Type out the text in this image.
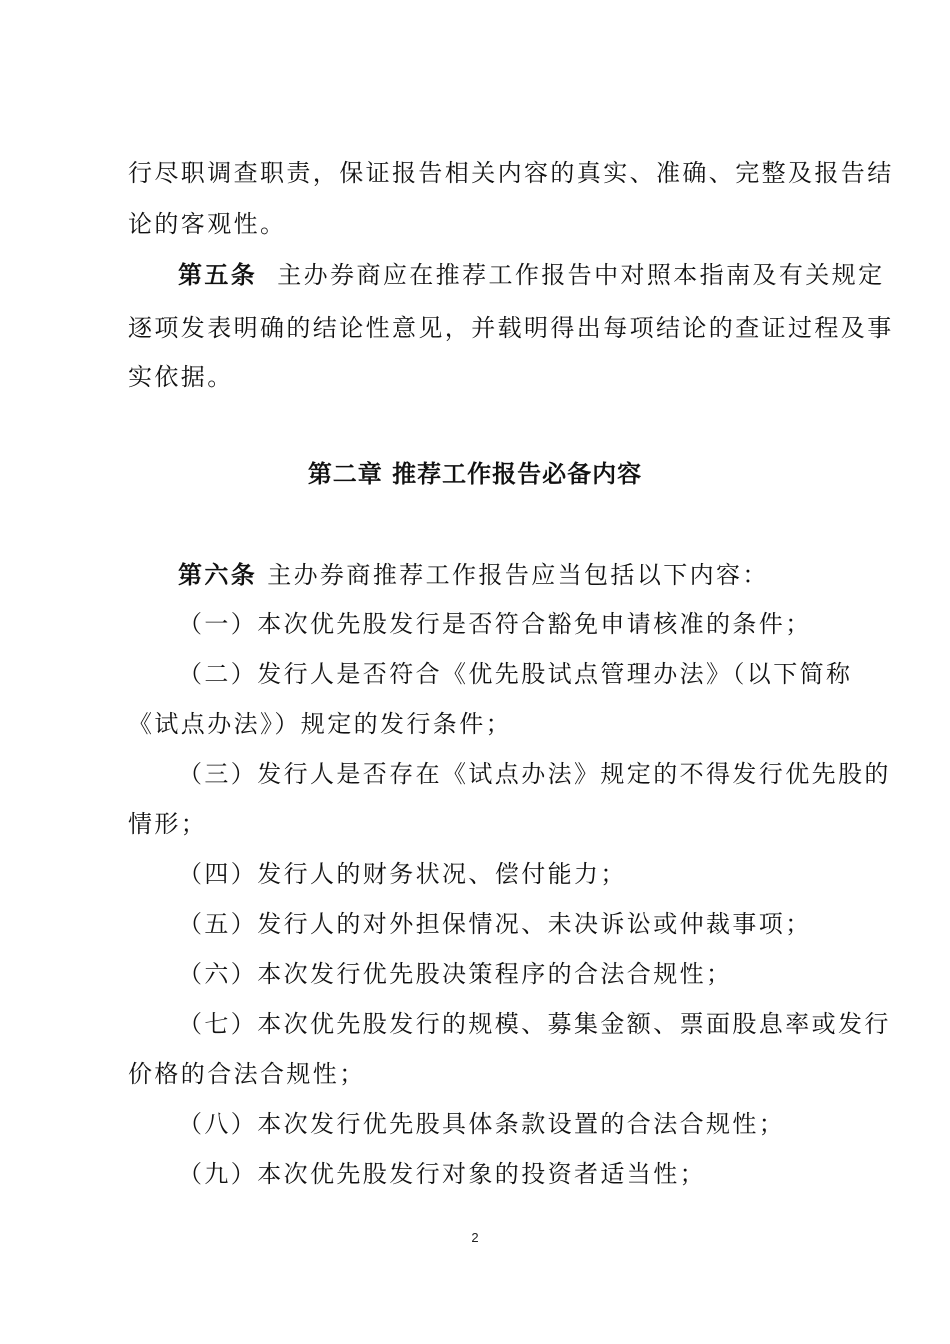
行尽职调查职责，保证报告相关内容的真实、准确、完整及报告结
论的客观性。
第五条 主办券商应在推荐工作报告中对照本指南及有关规定
逐项发表明确的结论性意见，并载明得出每项结论的查证过程及事
实依据。
第二章 推荐工作报告必备内容
第六条 主办券商推荐工作报告应当包括以下内容：
（一）本次优先股发行是否符合豁免申请核准的条件；
（二）发行人是否符合《优先股试点管理办法》（以下简称
《试点办法》）规定的发行条件；
（三）发行人是否存在《试点办法》规定的不得发行优先股的
情形；
（四）发行人的财务状况、偿付能力；
（五）发行人的对外担保情况、未决诉讼或仲裁事项；
（六）本次发行优先股决策程序的合法合规性；
（七）本次优先股发行的规模、募集金额、票面股息率或发行
价格的合法合规性；
（八）本次发行优先股具体条款设置的合法合规性；
（九）本次优先股发行对象的投资者适当性；
2
